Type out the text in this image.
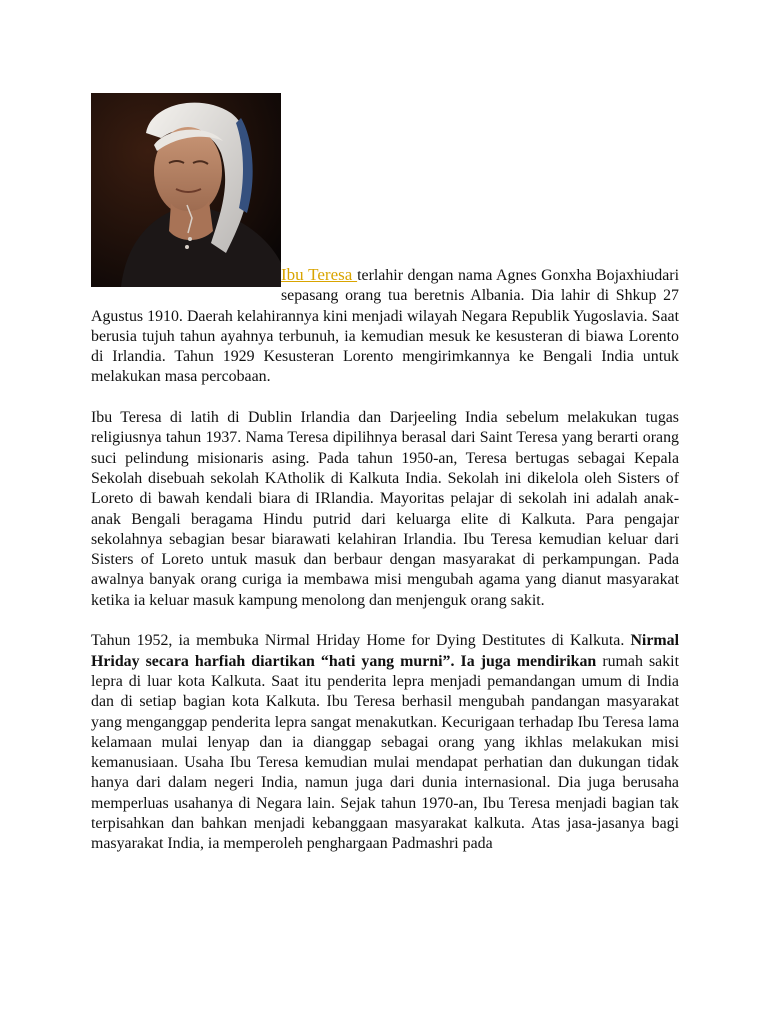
Ibu Teresa terlahir dengan nama Agnes Gonxha Bojaxhiudari sepasang orang tua beretnis Albania. Dia lahir di Shkup 27 Agustus 1910. Daerah kelahirannya kini menjadi wilayah Negara Republik Yugoslavia. Saat berusia tujuh tahun ayahnya terbunuh, ia kemudian mesuk ke kesusteran di biawa Lorento di Irlandia. Tahun 1929 Kesusteran Lorento mengirimkannya ke Bengali India untuk melakukan masa percobaan.

Ibu Teresa di latih di Dublin Irlandia dan Darjeeling India sebelum melakukan tugas religiusnya tahun 1937. Nama Teresa dipilihnya berasal dari Saint Teresa yang berarti orang suci pelindung misionaris asing. Pada tahun 1950-an, Teresa bertugas sebagai Kepala Sekolah disebuah sekolah KAtholik di Kalkuta India. Sekolah ini dikelola oleh Sisters of Loreto di bawah kendali biara di IRlandia. Mayoritas pelajar di sekolah ini adalah anak-anak Bengali beragama Hindu putrid dari keluarga elite di Kalkuta. Para pengajar sekolahnya sebagian besar biarawati kelahiran Irlandia. Ibu Teresa kemudian keluar dari Sisters of Loreto untuk masuk dan berbaur dengan masyarakat di perkampungan. Pada awalnya banyak orang curiga ia membawa misi mengubah agama yang dianut masyarakat ketika ia keluar masuk kampung menolong dan menjenguk orang sakit.

Tahun 1952, ia membuka Nirmal Hriday Home for Dying Destitutes di Kalkuta. Nirmal Hriday secara harfiah diartikan “hati yang murni”. Ia juga mendirikan rumah sakit lepra di luar kota Kalkuta. Saat itu penderita lepra menjadi pemandangan umum di India dan di setiap bagian kota Kalkuta. Ibu Teresa berhasil mengubah pandangan masyarakat yang menganggap penderita lepra sangat menakutkan. Kecurigaan terhadap Ibu Teresa lama kelamaan mulai lenyap dan ia dianggap sebagai orang yang ikhlas melakukan misi kemanusiaan. Usaha Ibu Teresa kemudian mulai mendapat perhatian dan dukungan tidak hanya dari dalam negeri India, namun juga dari dunia internasional. Dia juga berusaha memperluas usahanya di Negara lain. Sejak tahun 1970-an, Ibu Teresa menjadi bagian tak terpisahkan dan bahkan menjadi kebanggaan masyarakat kalkuta. Atas jasa-jasanya bagi masyarakat India, ia memperoleh penghargaan Padmashri pada
